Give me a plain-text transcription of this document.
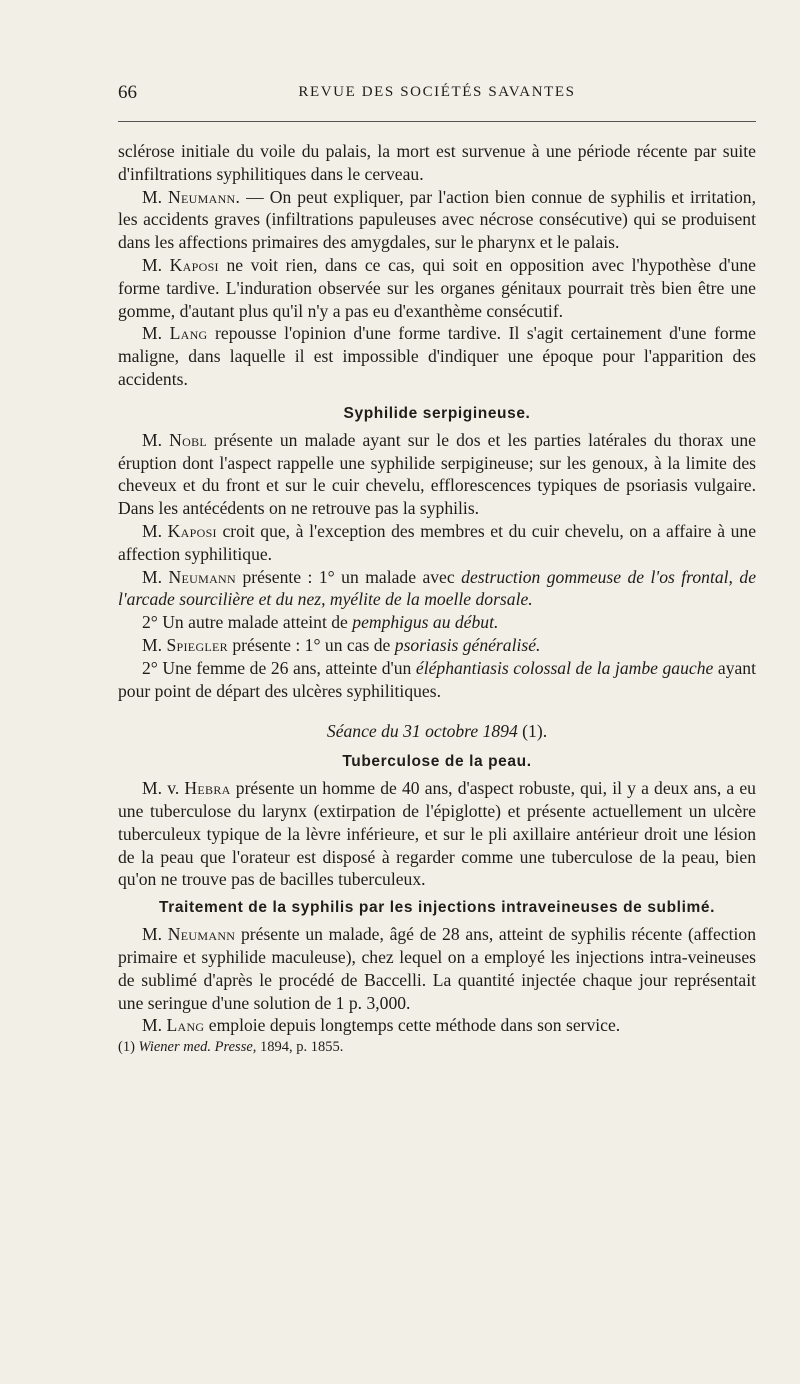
66	REVUE DES SOCIÉTÉS SAVANTES

sclérose initiale du voile du palais, la mort est survenue à une période récente par suite d'infiltrations syphilitiques dans le cerveau.

M. Neumann. — On peut expliquer, par l'action bien connue de syphilis et irritation, les accidents graves (infiltrations papuleuses avec nécrose consécutive) qui se produisent dans les affections primaires des amygdales, sur le pharynx et le palais.

M. Kaposi ne voit rien, dans ce cas, qui soit en opposition avec l'hypothèse d'une forme tardive. L'induration observée sur les organes génitaux pourrait très bien être une gomme, d'autant plus qu'il n'y a pas eu d'exanthème consécutif.

M. Lang repousse l'opinion d'une forme tardive. Il s'agit certainement d'une forme maligne, dans laquelle il est impossible d'indiquer une époque pour l'apparition des accidents.

Syphilide serpigineuse.

M. Nobl présente un malade ayant sur le dos et les parties latérales du thorax une éruption dont l'aspect rappelle une syphilide serpigineuse; sur les genoux, à la limite des cheveux et du front et sur le cuir chevelu, efflorescences typiques de psoriasis vulgaire. Dans les antécédents on ne retrouve pas la syphilis.

M. Kaposi croit que, à l'exception des membres et du cuir chevelu, on a affaire à une affection syphilitique.

M. Neumann présente : 1° un malade avec destruction gommeuse de l'os frontal, de l'arcade sourcilière et du nez, myélite de la moelle dorsale.

2° Un autre malade atteint de pemphigus au début.

M. Spiegler présente : 1° un cas de psoriasis généralisé.

2° Une femme de 26 ans, atteinte d'un éléphantiasis colossal de la jambe gauche ayant pour point de départ des ulcères syphilitiques.

Séance du 31 octobre 1894 (1).
Tuberculose de la peau.

M. v. Hebra présente un homme de 40 ans, d'aspect robuste, qui, il y a deux ans, a eu une tuberculose du larynx (extirpation de l'épiglotte) et présente actuellement un ulcère tuberculeux typique de la lèvre inférieure, et sur le pli axillaire antérieur droit une lésion de la peau que l'orateur est disposé à regarder comme une tuberculose de la peau, bien qu'on ne trouve pas de bacilles tuberculeux.

Traitement de la syphilis par les injections intraveineuses de sublimé.

M. Neumann présente un malade, âgé de 28 ans, atteint de syphilis récente (affection primaire et syphilide maculeuse), chez lequel on a employé les injections intra-veineuses de sublimé d'après le procédé de Baccelli. La quantité injectée chaque jour représentait une seringue d'une solution de 1 p. 3,000.

M. Lang emploie depuis longtemps cette méthode dans son service.

(1) Wiener med. Presse, 1894, p. 1855.
